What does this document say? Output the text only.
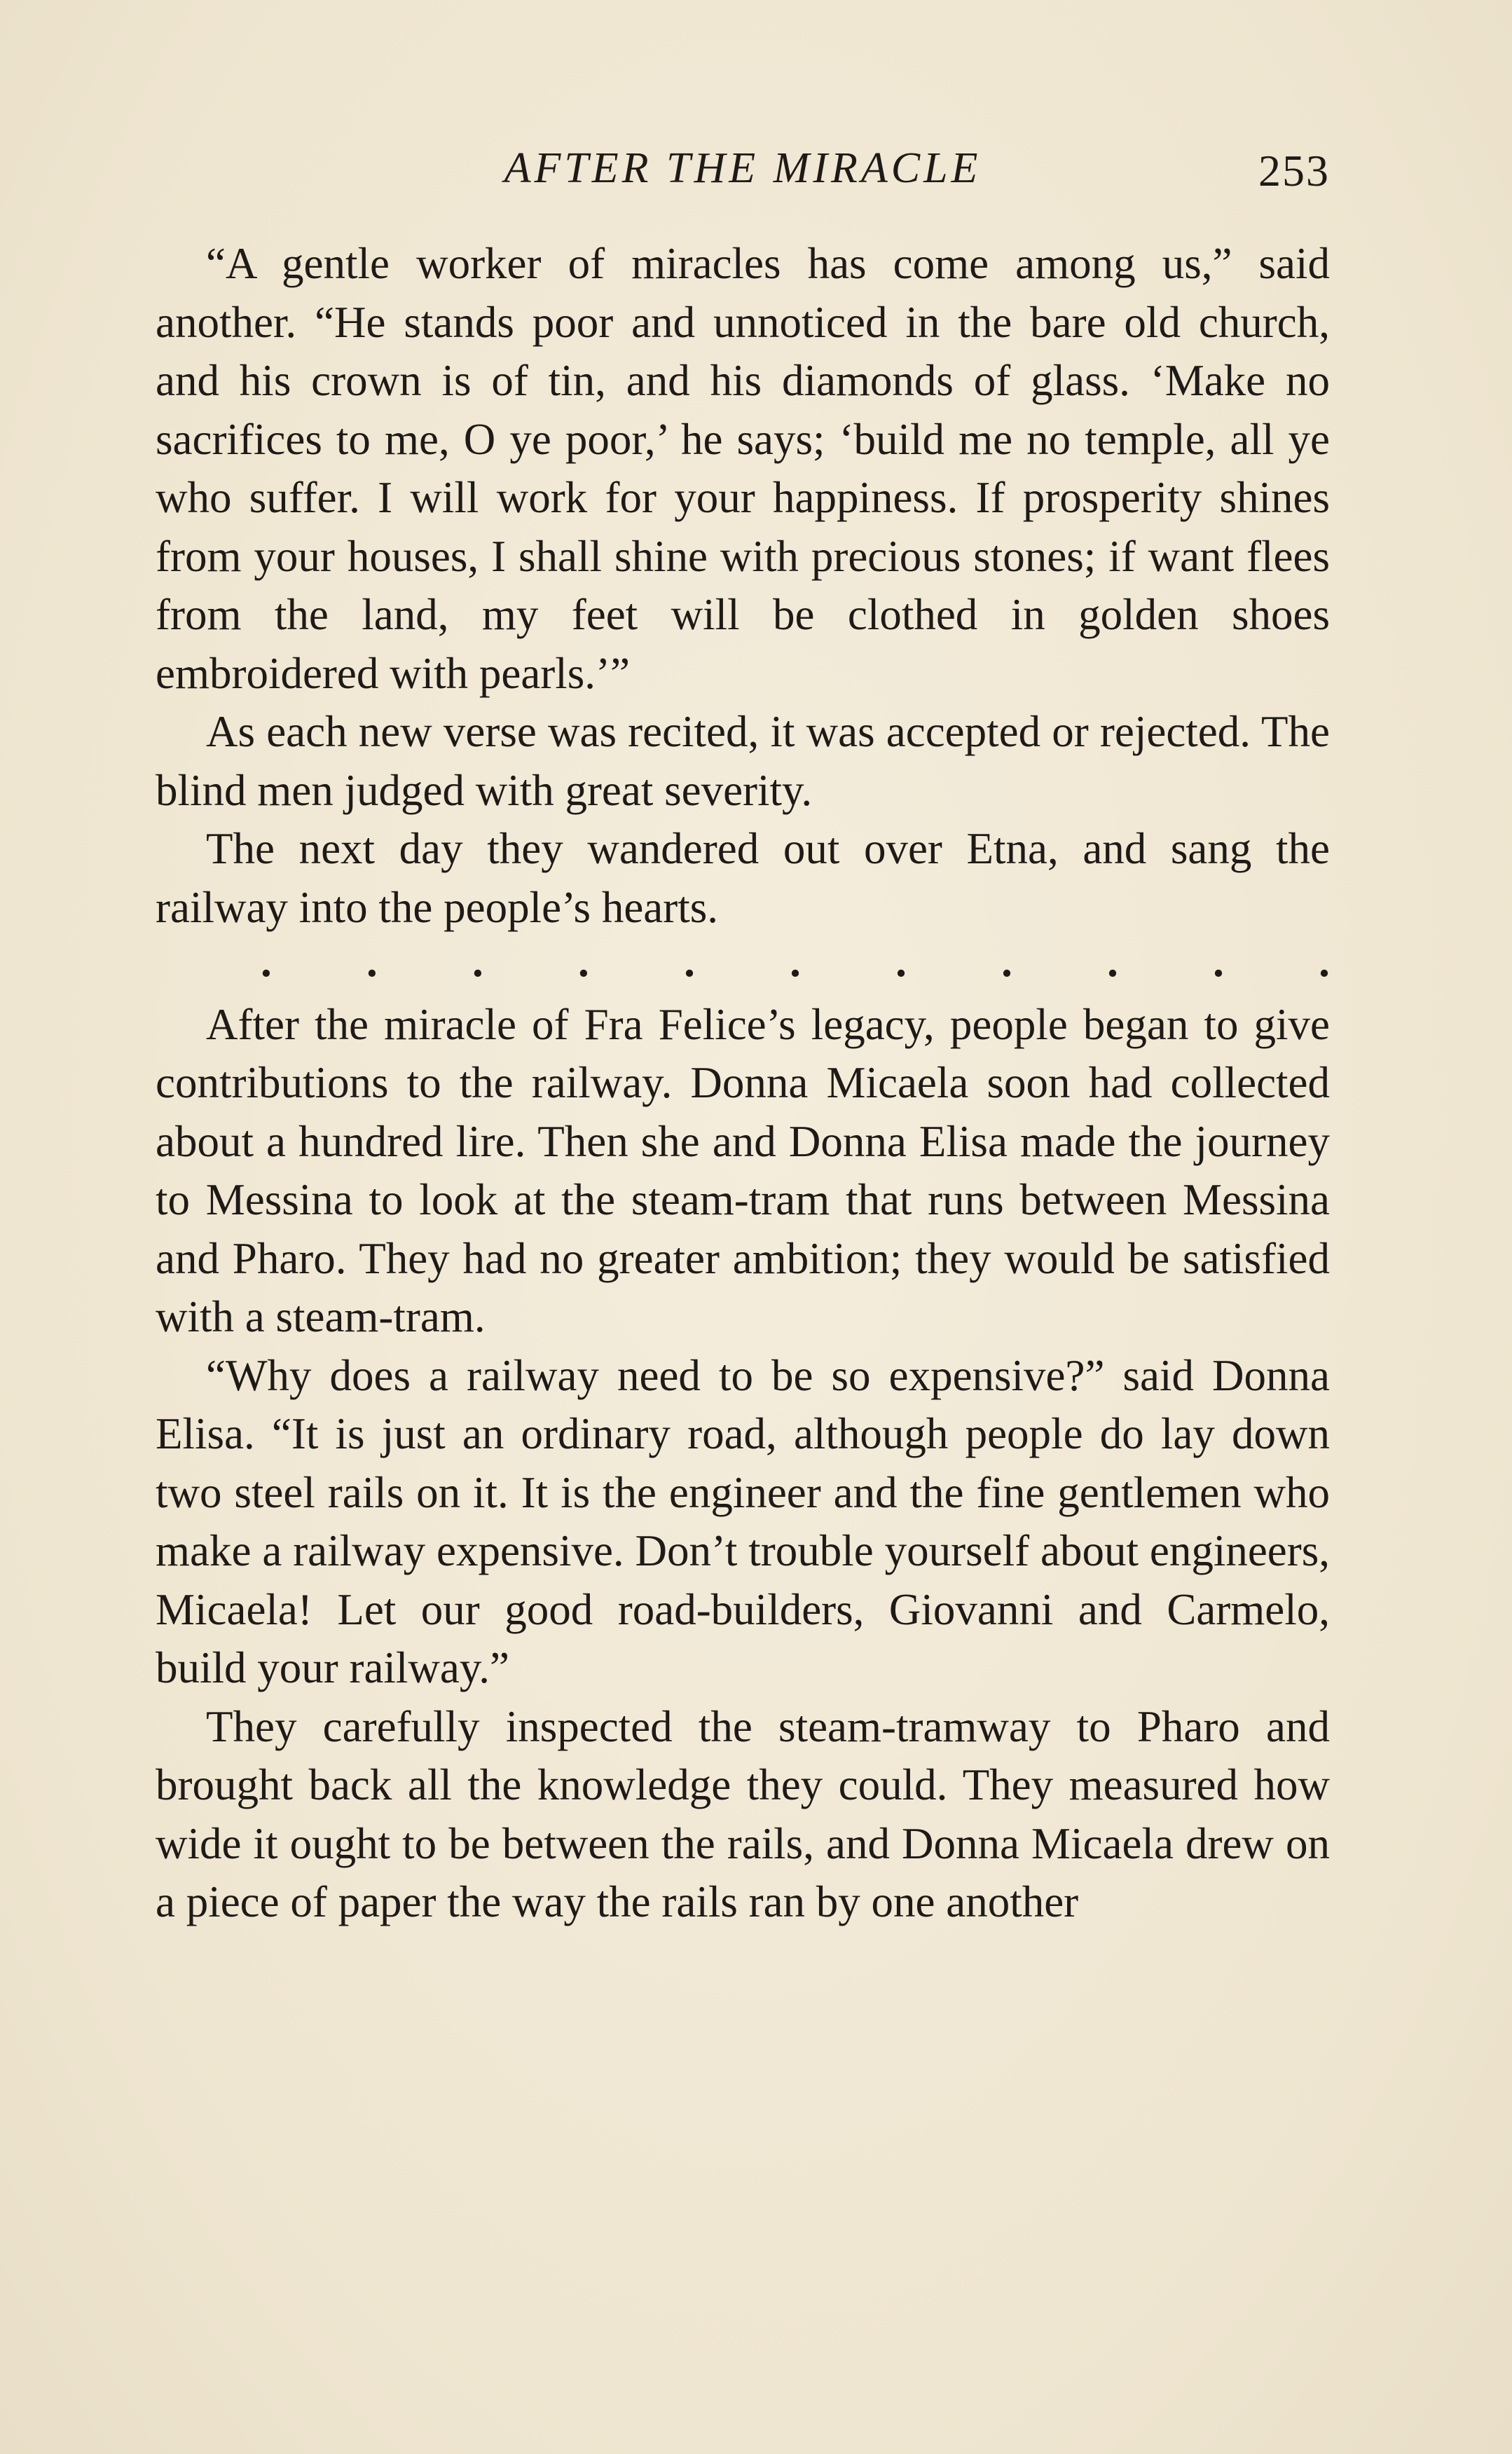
AFTER THE MIRACLE	253

“A gentle worker of miracles has come among us,” said another. “He stands poor and unnoticed in the bare old church, and his crown is of tin, and his diamonds of glass. ‘Make no sacrifices to me, O ye poor,’ he says; ‘build me no temple, all ye who suffer. I will work for your happiness. If prosperity shines from your houses, I shall shine with precious stones; if want flees from the land, my feet will be clothed in golden shoes embroidered with pearls.’”

As each new verse was recited, it was accepted or rejected. The blind men judged with great severity.

The next day they wandered out over Etna, and sang the railway into the people’s hearts.

. . . . . . . . . . .

After the miracle of Fra Felice’s legacy, people began to give contributions to the railway. Donna Micaela soon had collected about a hundred lire. Then she and Donna Elisa made the journey to Messina to look at the steam-tram that runs between Messina and Pharo. They had no greater ambition; they would be satisfied with a steam-tram.

“Why does a railway need to be so expensive?” said Donna Elisa. “It is just an ordinary road, although people do lay down two steel rails on it. It is the engineer and the fine gentlemen who make a railway expensive. Don’t trouble yourself about engineers, Micaela! Let our good road-builders, Giovanni and Carmelo, build your railway.”

They carefully inspected the steam-tramway to Pharo and brought back all the knowledge they could. They measured how wide it ought to be between the rails, and Donna Micaela drew on a piece of paper the way the rails ran by one another
